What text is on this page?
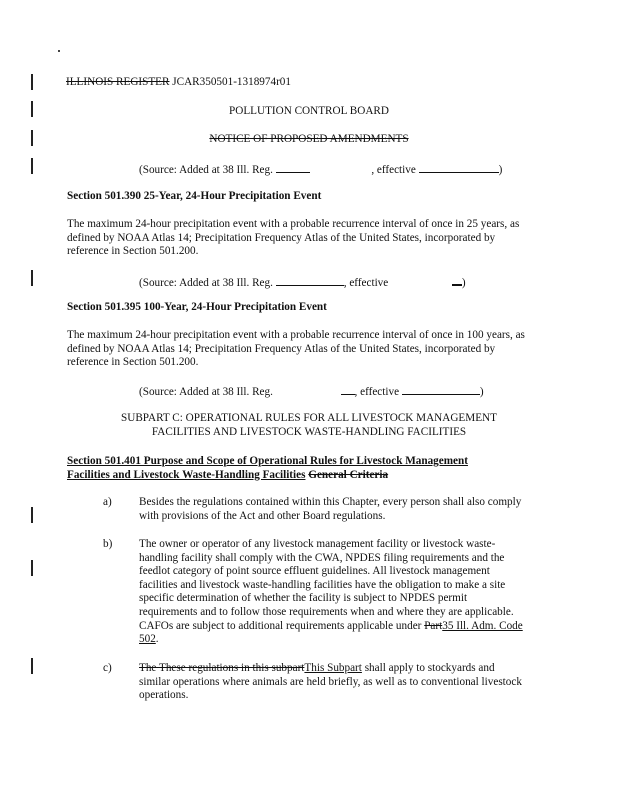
ILLINOIS REGISTER JCAR350501-1318974r01
POLLUTION CONTROL BOARD
NOTICE OF PROPOSED AMENDMENTS
(Source: Added at 38 Ill. Reg.	, effective	)
Section 501.390 25-Year, 24-Hour Precipitation Event
The maximum 24-hour precipitation event with a probable recurrence interval of once in 25 years, as defined by NOAA Atlas 14; Precipitation Frequency Atlas of the United States, incorporated by reference in Section 501.200.
(Source: Added at 38 Ill. Reg.	, effective	)
Section 501.395 100-Year, 24-Hour Precipitation Event
The maximum 24-hour precipitation event with a probable recurrence interval of once in 100 years, as defined by NOAA Atlas 14; Precipitation Frequency Atlas of the United States, incorporated by reference in Section 501.200.
(Source: Added at 38 Ill. Reg.	, effective	)
SUBPART C: OPERATIONAL RULES FOR ALL LIVESTOCK MANAGEMENT
FACILITIES AND LIVESTOCK WASTE-HANDLING FACILITIES
Section 501.401 Purpose and Scope of Operational Rules for Livestock Management
Facilities and Livestock Waste-Handling Facilities General Criteria
a) Besides the regulations contained within this Chapter, every person shall also comply with provisions of the Act and other Board regulations.
b) The owner or operator of any livestock management facility or livestock waste-handling facility shall comply with the CWA, NPDES filing requirements and the feedlot category of point source effluent guidelines. All livestock management facilities and livestock waste-handling facilities have the obligation to make a site specific determination of whether the facility is subject to NPDES permit requirements and to follow those requirements when and where they are applicable. CAFOs are subject to additional requirements applicable under Part35 Ill. Adm. Code 502.
c) The These regulations in this subpartThis Subpart shall apply to stockyards and similar operations where animals are held briefly, as well as to conventional livestock operations.
